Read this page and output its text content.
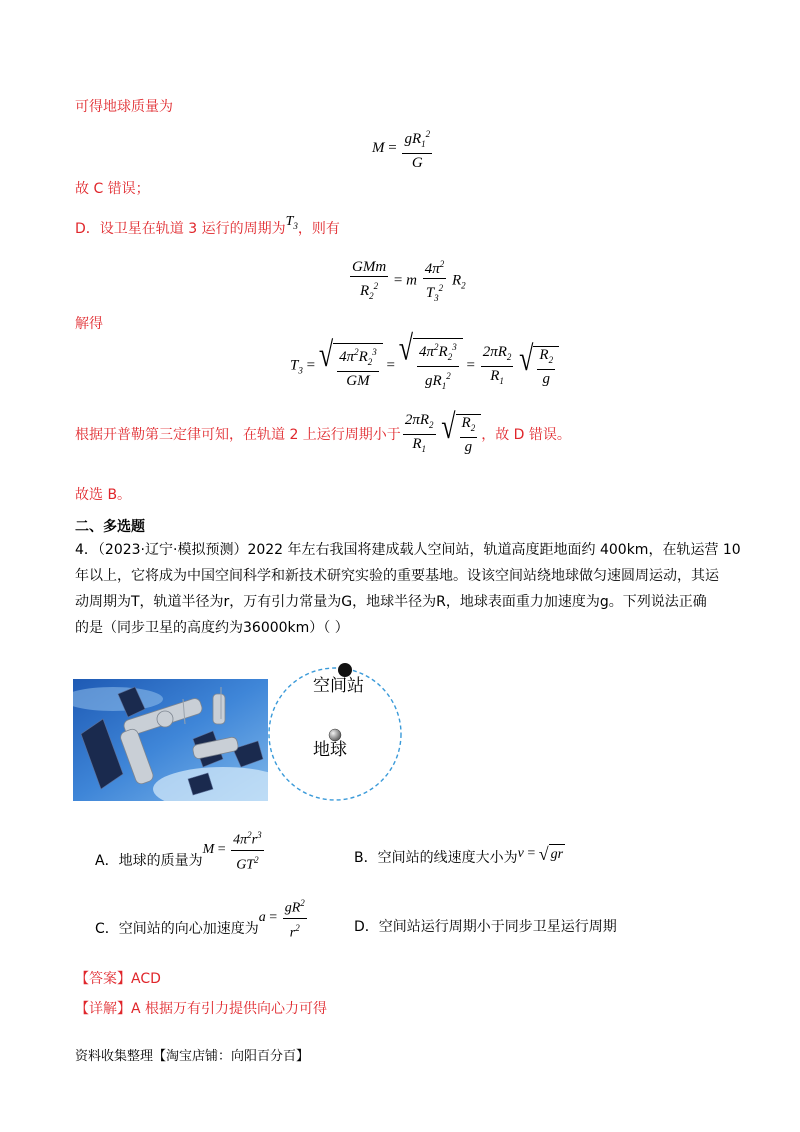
可得地球质量为
$M = \frac{gR_1^2}{G}$
故 C 错误；
D．设卫星在轨道 3 运行的周期为$T_3$，则有
$\frac{\text{GMm}}{R_2^2} = m \frac{4\pi^2}{T_3^2} R_2$
解得
$T_3$ = √ $\frac{4\pi^2R_2^3}{GM}$ = √ $\frac{4\pi^2R_2^3}{gR_1^2} = \frac{2\pi R_2}{R_1}$
√ $\frac{R_2}{g}$
根据开普勒第三定律可知，在轨道 2 上运行周期小于 $\frac{2\pi R_2}{R_1}$
√ $\frac{R_2}{g}$ ，故 D 错误。
故选 B。
二、多选题
4．（2023·辽宁·模拟预测）2022 年左右我国将建成载人空间站，轨道高度距地面约 400km，在轨运营 10
年以上，它将成为中国空间科学和新技术研究实验的重要基地。设该空间站绕地球做匀速圆周运动，其运
动周期为T，轨道半径为r，万有引力常量为G，地球半径为R，地球表面重力加速度为g。下列说法正确
的是（同步卫星的高度约为36000km）（ ）
空间站
地球
A．地球的质量为
$M = \frac{4\pi^2r^3}{GT^2}$	B．空间站的线速度大小为 v = √ gr
C．空间站的向心加速度为
$a = \frac{gR^2}{r^2}$	D．空间站运行周期小于同步卫星运行周期
【答案】ACD
【详解】A 根据万有引力提供向心力可得
资料收集整理【淘宝店铺：向阳百分百】
